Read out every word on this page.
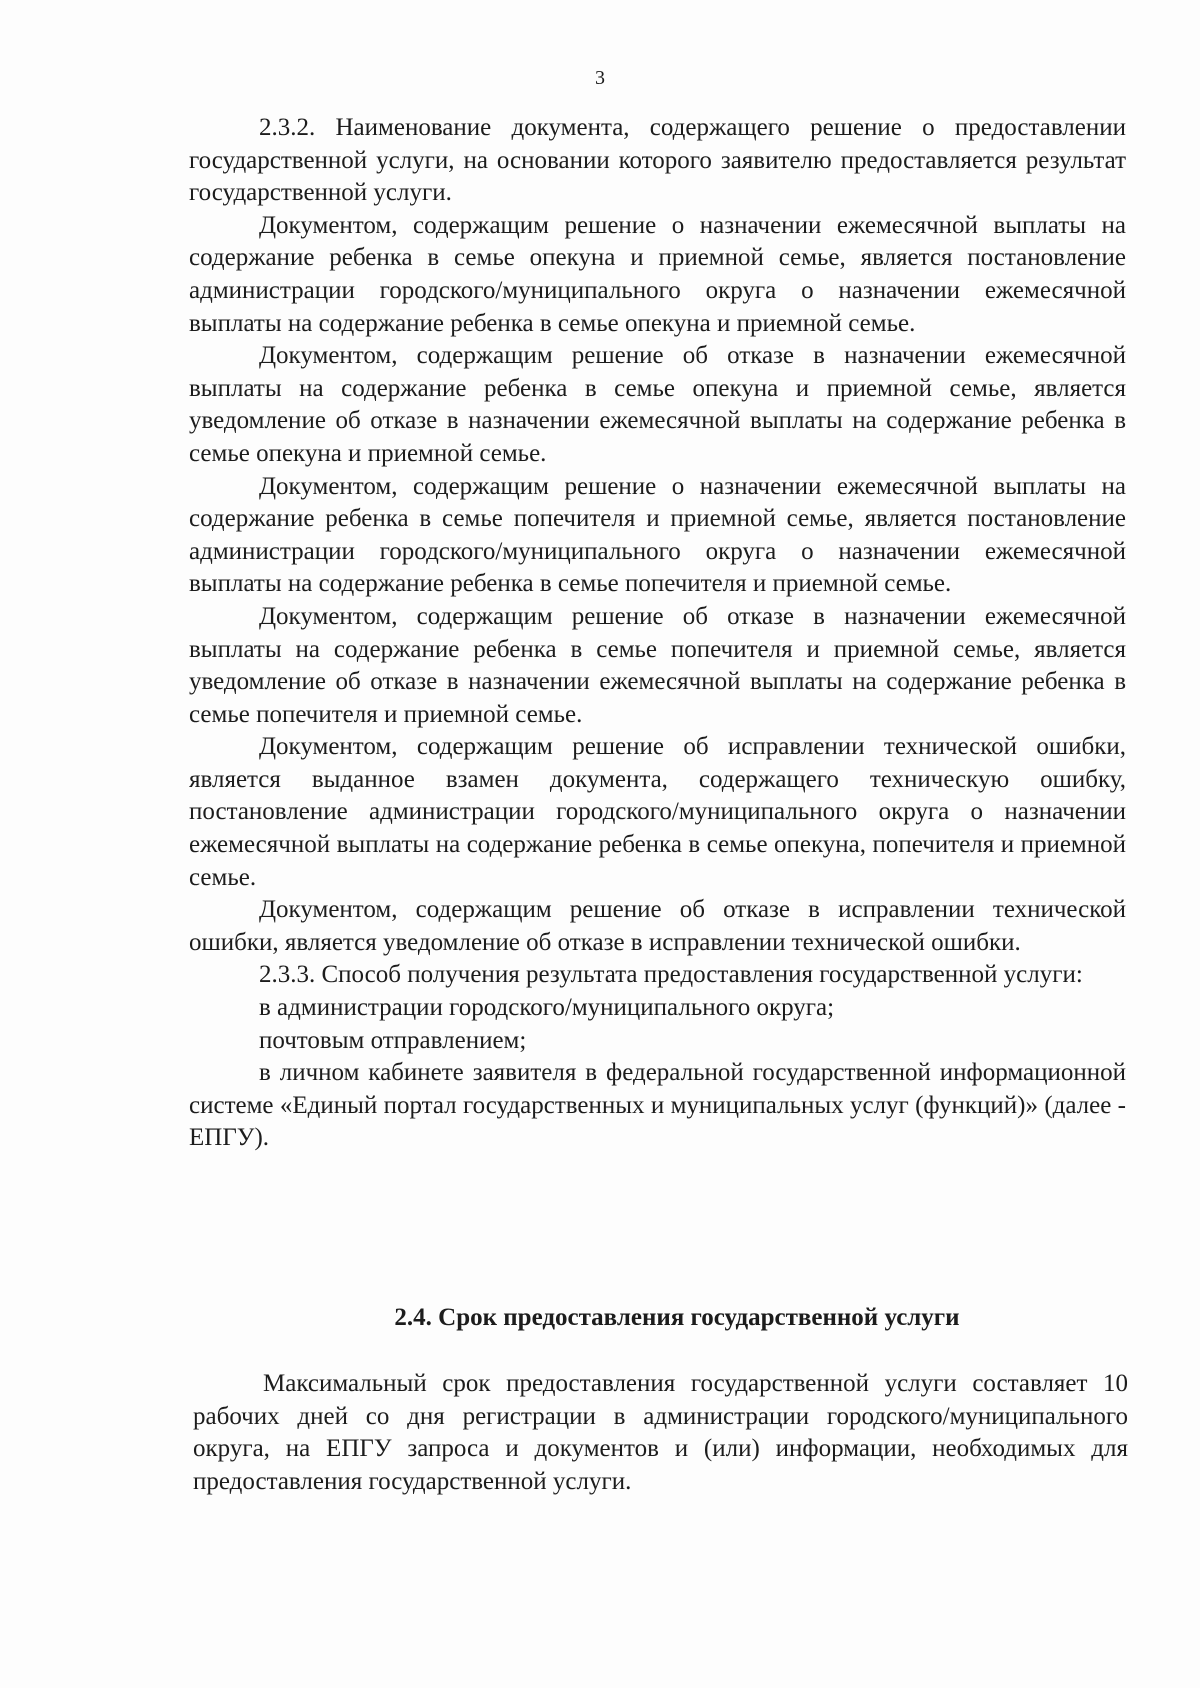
3

2.3.2. Наименование документа, содержащего решение о предоставлении государственной услуги, на основании которого заявителю предоставляется результат государственной услуги.

Документом, содержащим решение о назначении ежемесячной выплаты на содержание ребенка в семье опекуна и приемной семье, является постановление администрации городского/муниципального округа о назначении ежемесячной выплаты на содержание ребенка в семье опекуна и приемной семье.

Документом, содержащим решение об отказе в назначении ежемесячной выплаты на содержание ребенка в семье опекуна и приемной семье, является уведомление об отказе в назначении ежемесячной выплаты на содержание ребенка в семье опекуна и приемной семье.

Документом, содержащим решение о назначении ежемесячной выплаты на содержание ребенка в семье попечителя и приемной семье, является постановление администрации городского/муниципального округа о назначении ежемесячной выплаты на содержание ребенка в семье попечителя и приемной семье.

Документом, содержащим решение об отказе в назначении ежемесячной выплаты на содержание ребенка в семье попечителя и приемной семье, является уведомление об отказе в назначении ежемесячной выплаты на содержание ребенка в семье попечителя и приемной семье.

Документом, содержащим решение об исправлении технической ошибки, является выданное взамен документа, содержащего техническую ошибку, постановление администрации городского/муниципального округа о назначении ежемесячной выплаты на содержание ребенка в семье опекуна, попечителя и приемной семье.

Документом, содержащим решение об отказе в исправлении технической ошибки, является уведомление об отказе в исправлении технической ошибки.

2.3.3. Способ получения результата предоставления государственной услуги:

в администрации городского/муниципального округа;

почтовым отправлением;

в личном кабинете заявителя в федеральной государственной информационной системе «Единый портал государственных и муниципальных услуг (функций)» (далее - ЕПГУ).

2.4. Срок предоставления государственной услуги

Максимальный срок предоставления государственной услуги составляет 10 рабочих дней со дня регистрации в администрации городского/муниципального округа, на ЕПГУ запроса и документов и (или) информации, необходимых для предоставления государственной услуги.
